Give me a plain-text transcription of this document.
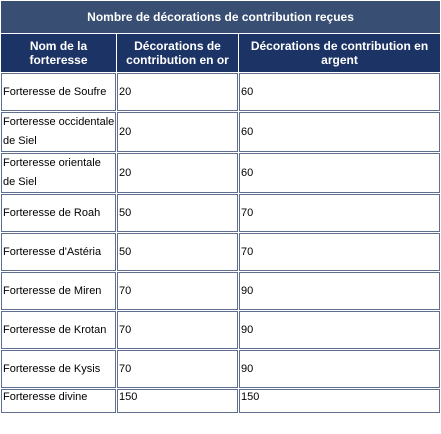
Nombre de décorations de contribution reçues		
Nom de la forteresse	Décorations de contribution en or	Décorations de contribution en argent
Forteresse de Soufre	20	60
Forteresse occidentale de Siel	20	60
Forteresse orientale de Siel	20	60
Forteresse de Roah	50	70
Forteresse d'Astéria	50	70
Forteresse de Miren	70	90
Forteresse de Krotan	70	90
Forteresse de Kysis	70	90
Forteresse divine	150	150
